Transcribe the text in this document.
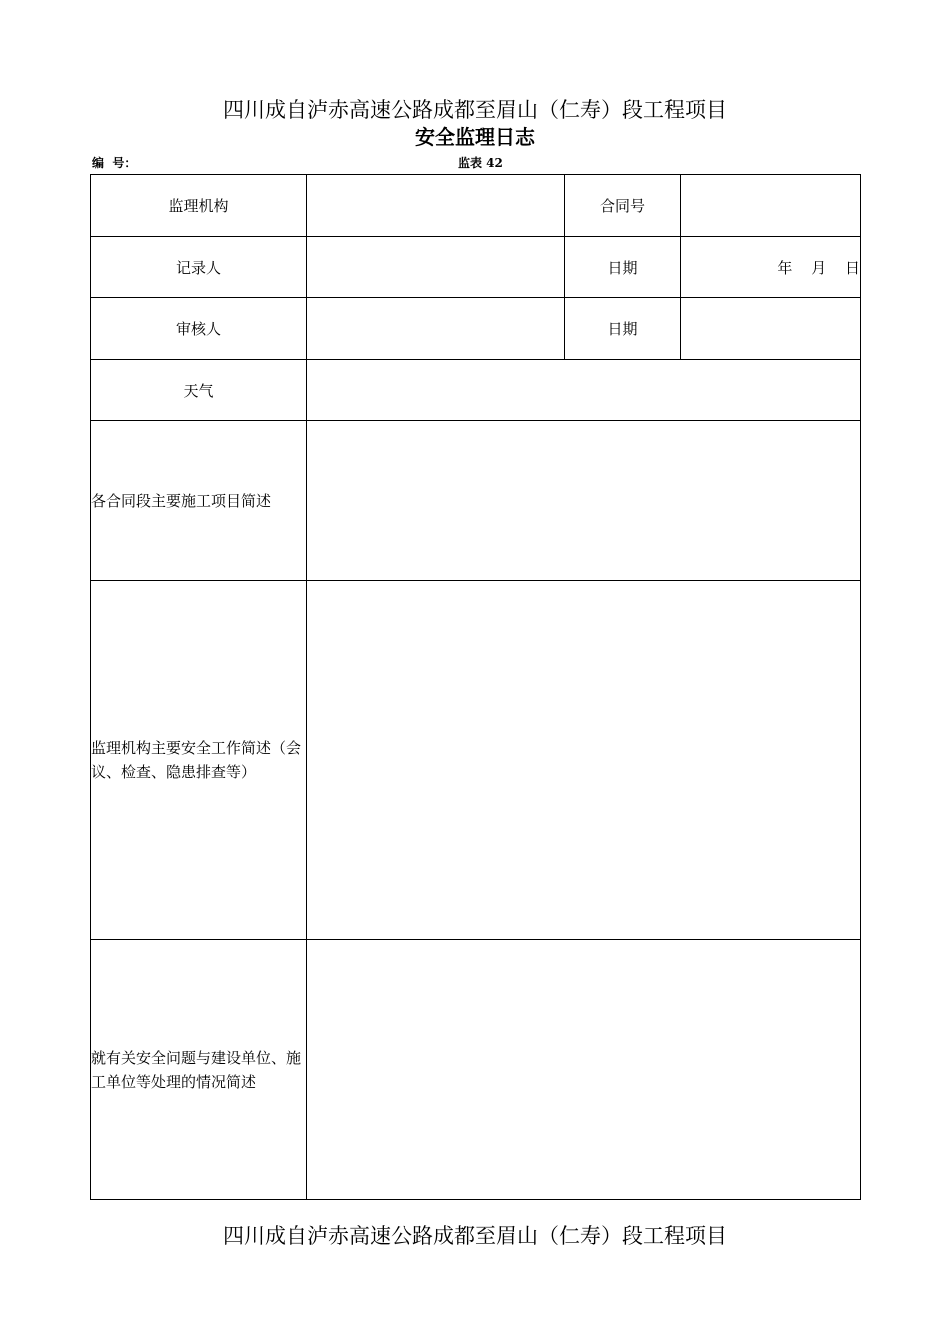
四川成自泸赤高速公路成都至眉山（仁寿）段工程项目
安全监理日志
编  号：	监表 42
监理机构		合同号	
记录人		日期	年 月 日
审核人		日期	
天气			
各合同段主要施工项目简述			
监理机构主要安全工作简述（会议、检查、隐患排查等）			
就有关安全问题与建设单位、施工单位等处理的情况简述			
四川成自泸赤高速公路成都至眉山（仁寿）段工程项目
